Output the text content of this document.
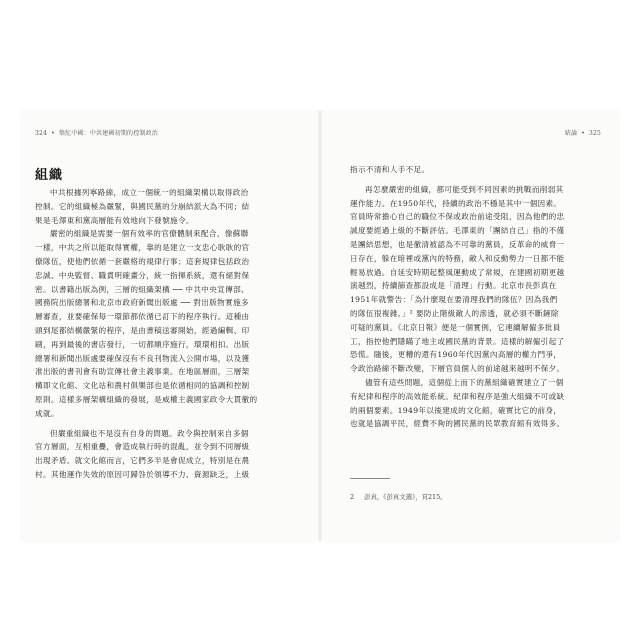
324 • 築紅中國：中共建國初期的控制政治
組織
中共根據列寧路線，成立一個統一的組織架構以取得政治
控制。它的組織極為嚴緊，與國民黨的分崩結派大為不同；結
果是毛澤東和黨高層能有效地向下發號施令。
嚴密的組織是需要一個有效率的官僚體制來配合，像蘇聯
一樣，中共之所以能取得實權，靠的是建立一支忠心耿耿的官
僚隊伍，使他們依循一套嚴格的規律行事；這套規律包括政治
忠誠、中央監督、職責明確畫分，統一指揮系統，還有絕對保
密。以書籍出版為例，三層的組織架構 ── 中共中央宣傳部、
國務院出版總署和北京市政府新聞出版處 ── 對出版物實施多
層審查，並要確保每一環節都依循已訂下的程序執行。這種由
頭到尾都結構嚴緊的程序，是由書稿送審開始，經過編輯、印
刷，再到最後的書店發行，一切都順序施行，環環相扣。出版
總署和新聞出版處要確保沒有不良刊物流入公開市場，以及獲
准出版的書刊會有助宣傳社會主義事業。在地區層面，三層架
構即文化館、文化站和農村俱樂部也是依循相同的協調和控制
原則。這樣多層架構組織的發展，是威權主義國家政令大貫徹的
成就。
但嚴重組織也不是沒有自身的問題。政令與控制來自多個
官方層面，互相重疊，會造成執行時的混亂，並令到不同層級
出現矛盾。就文化館而言，它們多半是會促成立，特別是在農
村。其他運作失效的原因可歸咎於領導不力、資源缺乏，上級
結論 • 325
指示不清和人手不足。
再怎麼嚴密的組織，都可能受到不同因素的挑戰而削弱其
運作能力。在1950年代，持續的政治不穩是其中一個因素。
官員時常擔心自己的職位不保或政治前途受阻，因為他們的忠
誠度要經過上級的不斷評估。毛澤東的「團結自己」指的不僅
是團結思想，也是徹清被認為不可靠的黨員，反革命的威脅一
日存在，躲在暗裡或黨內的特務，敵人和反動勢力一日都不能
輕易放過。自延安時期起整風運動成了常規，在建國初期更越
演越烈，持續篩查都設成是「清理」行動。北京市長彭真在
1951年就警告：「為什麼現在要清理我們的隊伍？因為我們
的隊伍很複雜。」² 要防止階級敵人的滲透，就必須不斷鏟除
可疑的黨員。《北京日報》便是一個實例，它連續解僱多批員
工，指控他們隱瞞了地主或國民黨的背景。這樣的解僱引起了
恐慌。隨後，更糟的還有1960年代因黨內高層的權力鬥爭，
令政治路線不斷改變，下層官員個人的前途越來越明不保夕。
儘管有這些問題，這個從上而下的黨組織確實建立了一個
有紀律和程序的高效能系統。紀律和程序是強大組織不可或缺
的兩個要素。1949年以後建成的文化館，確實比它的前身，
也就是協調平民，經費不夠的國民黨的民眾教育館有效得多。
2 彭真，《彭真文選》，頁215。
